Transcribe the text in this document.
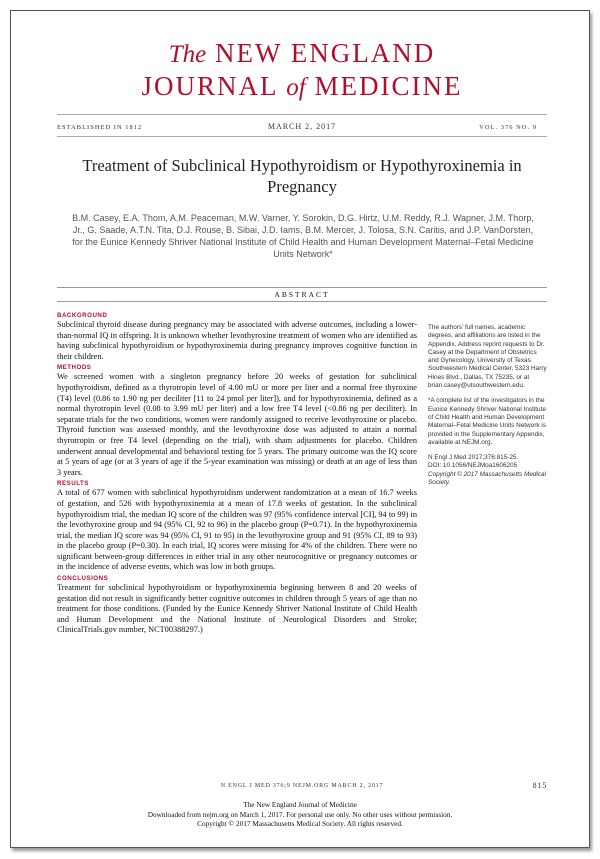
The NEW ENGLAND
JOURNAL of MEDICINE
ESTABLISHED IN 1812	MARCH 2, 2017	VOL. 376 NO. 9
Treatment of Subclinical Hypothyroidism or Hypothyroxinemia in Pregnancy
B.M. Casey, E.A. Thom, A.M. Peaceman, M.W. Varner, Y. Sorokin, D.G. Hirtz, U.M. Reddy, R.J. Wapner, J.M. Thorp, Jr., G. Saade, A.T.N. Tita, D.J. Rouse, B. Sibai, J.D. Iams, B.M. Mercer, J. Tolosa, S.N. Caritis, and J.P. VanDorsten, for the Eunice Kennedy Shriver National Institute of Child Health and Human Development Maternal–Fetal Medicine Units Network*
ABSTRACT
BACKGROUND

Subclinical thyroid disease during pregnancy may be associated with adverse outcomes, including a lower-than-normal IQ in offspring. It is unknown whether levothyroxine treatment of women who are identified as having subclinical hypothyroidism or hypothyroxinemia during pregnancy improves cognitive function in their children.

METHODS

We screened women with a singleton pregnancy before 20 weeks of gestation for subclinical hypothyroidism, defined as a thyrotropin level of 4.00 mU or more per liter and a normal free thyroxine (T4) level (0.86 to 1.90 ng per deciliter [11 to 24 pmol per liter]), and for hypothyroxinemia, defined as a normal thyrotropin level (0.08 to 3.99 mU per liter) and a low free T4 level (<0.86 ng per deciliter). In separate trials for the two conditions, women were randomly assigned to receive levothyroxine or placebo. Thyroid function was assessed monthly, and the levothyroxine dose was adjusted to attain a normal thyrotropin or free T4 level (depending on the trial), with sham adjustments for placebo. Children underwent annual developmental and behavioral testing for 5 years. The primary outcome was the IQ score at 5 years of age (or at 3 years of age if the 5-year examination was missing) or death at an age of less than 3 years.

RESULTS

A total of 677 women with subclinical hypothyroidism underwent randomization at a mean of 16.7 weeks of gestation, and 526 with hypothyroxinemia at a mean of 17.8 weeks of gestation. In the subclinical hypothyroidism trial, the median IQ score of the children was 97 (95% confidence interval [CI], 94 to 99) in the levothyroxine group and 94 (95% CI, 92 to 96) in the placebo group (P=0.71). In the hypothyroxinemia trial, the median IQ score was 94 (95% CI, 91 to 95) in the levothyroxine group and 91 (95% CI, 89 to 93) in the placebo group (P=0.30). In each trial, IQ scores were missing for 4% of the children. There were no significant between-group differences in either trial in any other neurocognitive or pregnancy outcomes or in the incidence of adverse events, which was low in both groups.

CONCLUSIONS

Treatment for subclinical hypothyroidism or hypothyroxinemia beginning between 8 and 20 weeks of gestation did not result in significantly better cognitive outcomes in children through 5 years of age than no treatment for those conditions. (Funded by the Eunice Kennedy Shriver National Institute of Child Health and Human Development and the National Institute of Neurological Disorders and Stroke; ClinicalTrials.gov number, NCT00388297.)

The authors’ full names, academic degrees, and affiliations are listed in the Appendix. Address reprint requests to Dr. Casey at the Department of Obstetrics and Gynecology, University of Texas Southwestern Medical Center, 5323 Harry Hines Blvd., Dallas, TX 75235, or at brian.casey@utsouthwestern.edu.

*A complete list of the investigators in the Eunice Kennedy Shriver National Institute of Child Health and Human Development Maternal–Fetal Medicine Units Network is provided in the Supplementary Appendix, available at NEJM.org.

N Engl J Med 2017;376:815-25.
DOI: 10.1056/NEJMoa1606205
Copyright © 2017 Massachusetts Medical Society.
N ENGL J MED 376;9 NEJM.ORG MARCH 2, 2017	815
The New England Journal of Medicine
Downloaded from nejm.org on March 1, 2017. For personal use only. No other uses without permission.
Copyright © 2017 Massachusetts Medical Society. All rights reserved.
